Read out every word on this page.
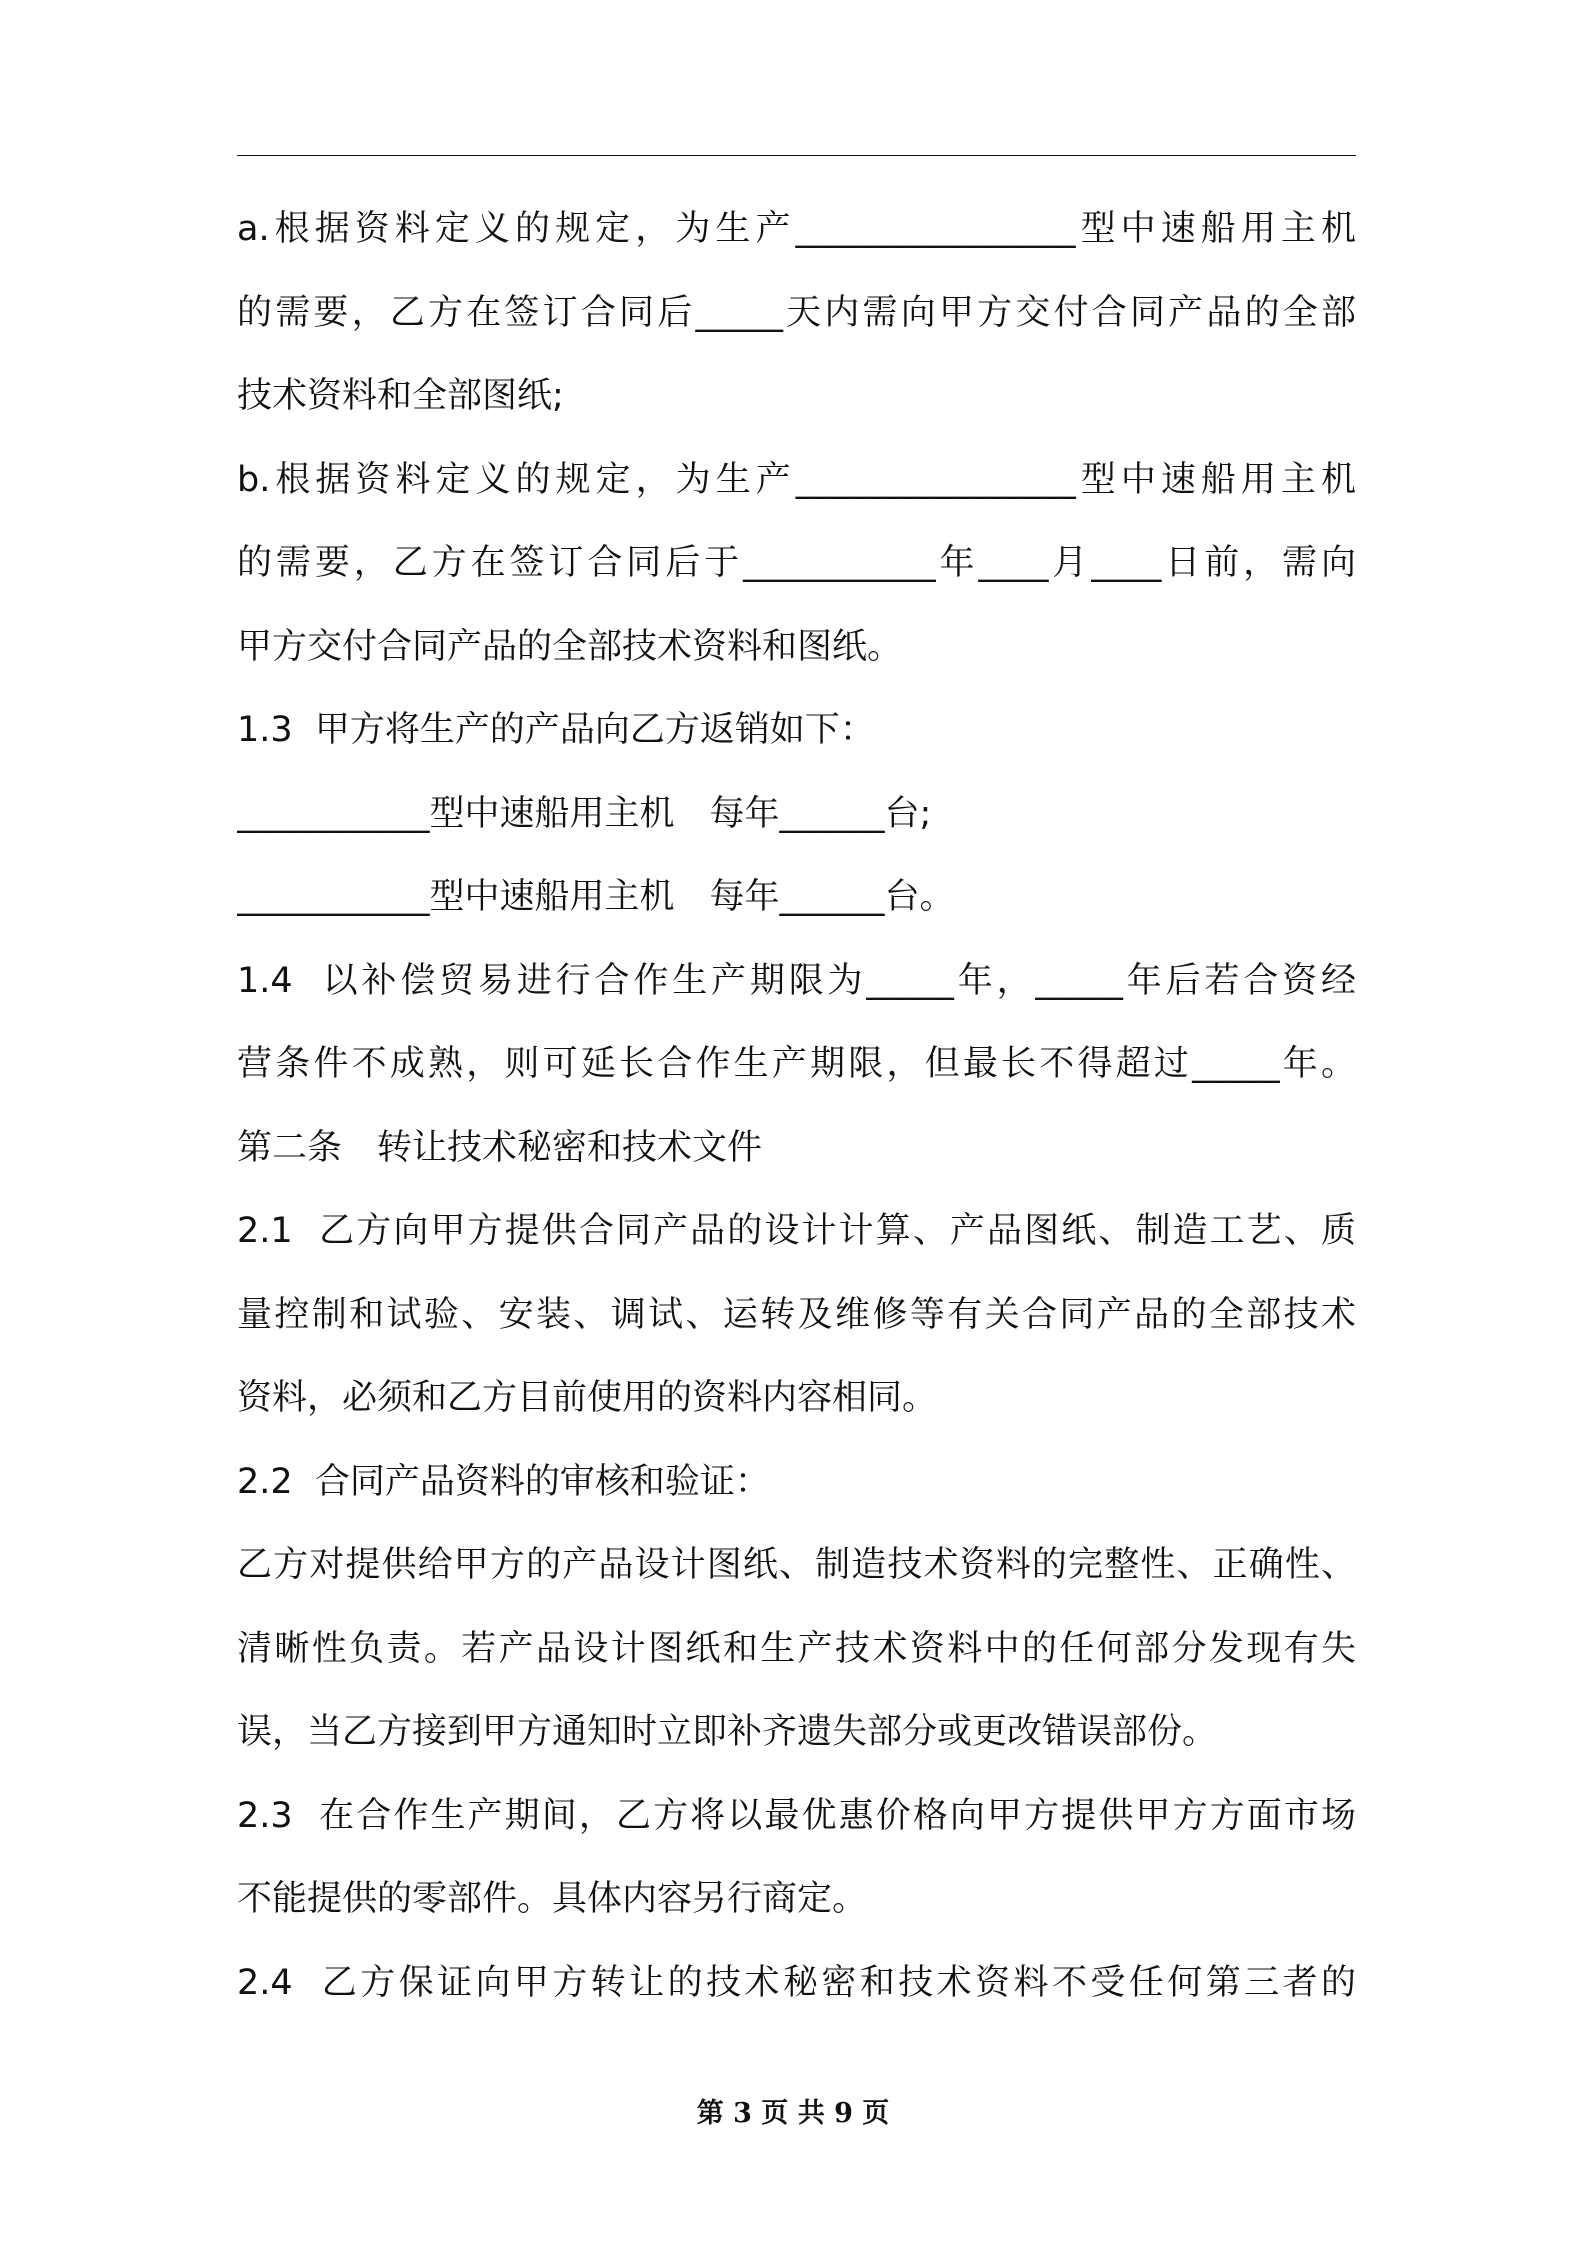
a.根据资料定义的规定，为生产________________型中速船用主机
的需要，乙方在签订合同后_____天内需向甲方交付合同产品的全部
技术资料和全部图纸;
b.根据资料定义的规定，为生产________________型中速船用主机
的需要，乙方在签订合同后于___________年____月____日前，需向
甲方交付合同产品的全部技术资料和图纸。
1.3  甲方将生产的产品向乙方返销如下：
___________型中速船用主机　每年______台;
___________型中速船用主机　每年______台。
1.4  以补偿贸易进行合作生产期限为_____年，_____年后若合资经
营条件不成熟，则可延长合作生产期限，但最长不得超过_____年。
第二条　转让技术秘密和技术文件
2.1  乙方向甲方提供合同产品的设计计算、产品图纸、制造工艺、质
量控制和试验、安装、调试、运转及维修等有关合同产品的全部技术
资料，必须和乙方目前使用的资料内容相同。
2.2  合同产品资料的审核和验证：
乙方对提供给甲方的产品设计图纸、制造技术资料的完整性、正确性、
清晰性负责。若产品设计图纸和生产技术资料中的任何部分发现有失
误，当乙方接到甲方通知时立即补齐遗失部分或更改错误部份。
2.3  在合作生产期间，乙方将以最优惠价格向甲方提供甲方方面市场
不能提供的零部件。具体内容另行商定。
2.4  乙方保证向甲方转让的技术秘密和技术资料不受任何第三者的
第 3 页 共 9 页
